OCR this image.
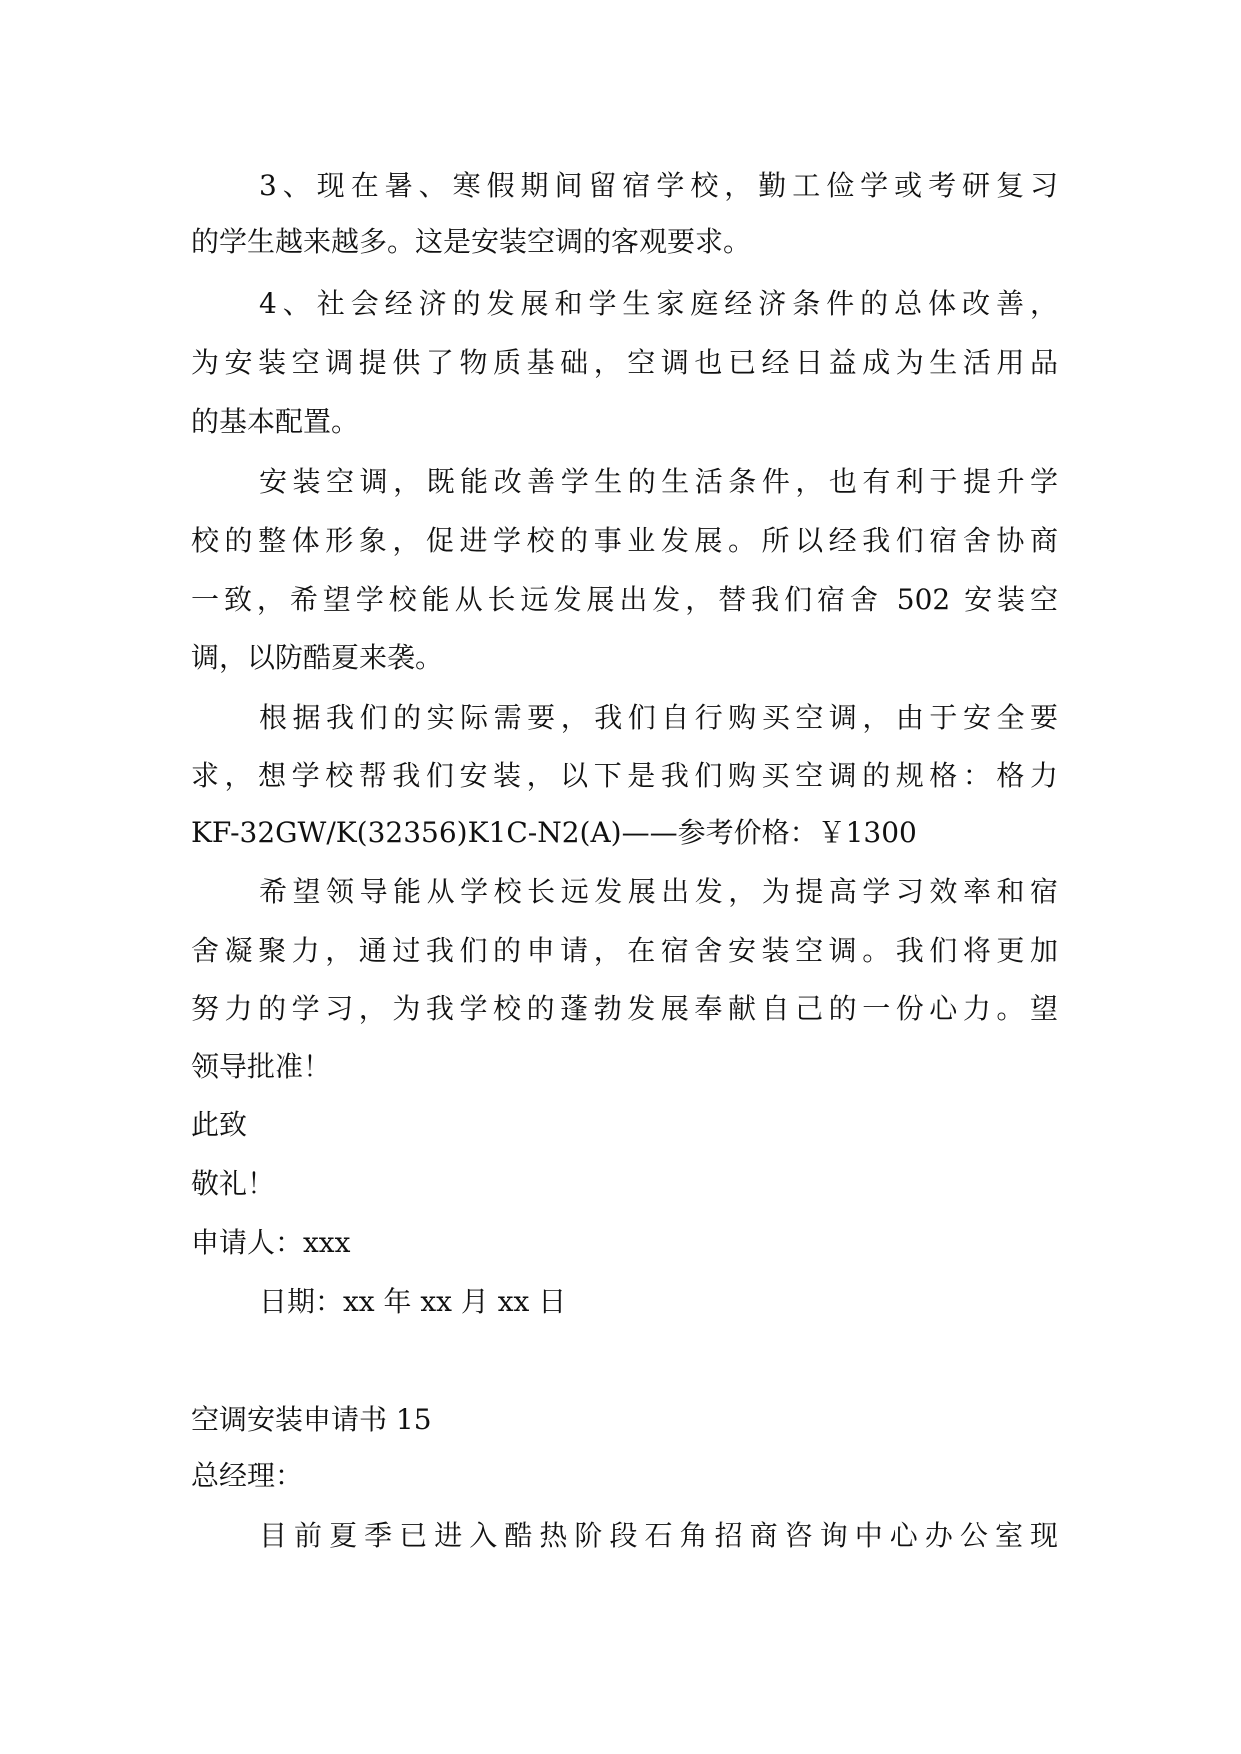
3、现在暑、寒假期间留宿学校，勤工俭学或考研复习
的学生越来越多。这是安装空调的客观要求。
4、社会经济的发展和学生家庭经济条件的总体改善，
为安装空调提供了物质基础，空调也已经日益成为生活用品
的基本配置。
安装空调，既能改善学生的生活条件，也有利于提升学
校的整体形象，促进学校的事业发展。所以经我们宿舍协商
一致，希望学校能从长远发展出发，替我们宿舍 502 安装空
调，以防酷夏来袭。
根据我们的实际需要，我们自行购买空调，由于安全要
求，想学校帮我们安装，以下是我们购买空调的规格：格力
KF-32GW/K(32356)K1C-N2(A)——参考价格：￥1300
希望领导能从学校长远发展出发，为提高学习效率和宿
舍凝聚力，通过我们的申请，在宿舍安装空调。我们将更加
努力的学习，为我学校的蓬勃发展奉献自己的一份心力。望
领导批准！
此致
敬礼！
申请人：xxx
日期：xx 年 xx 月 xx 日
空调安装申请书 15
总经理：
目前夏季已进入酷热阶段石角招商咨询中心办公室现
